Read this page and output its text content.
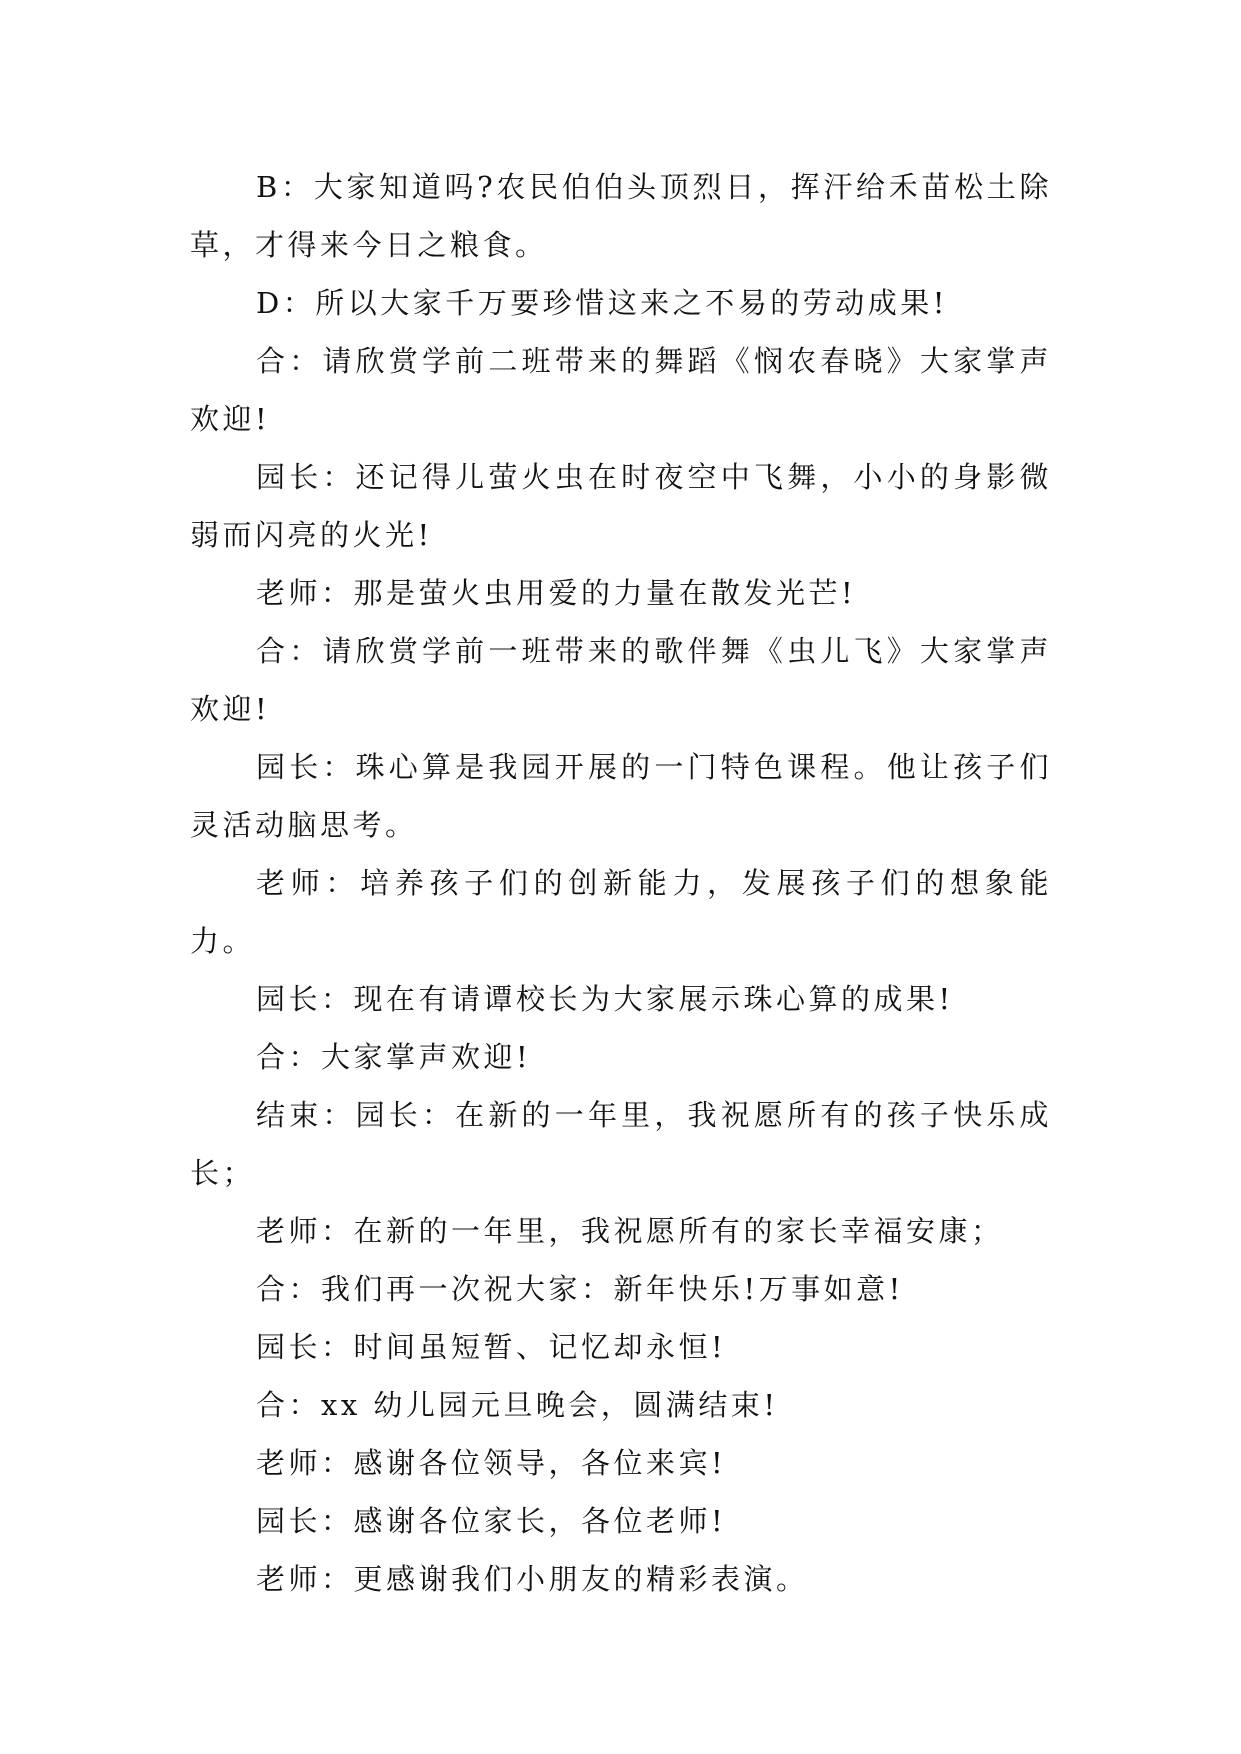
B：大家知道吗?农民伯伯头顶烈日，挥汗给禾苗松土除草，才得来今日之粮食。

D：所以大家千万要珍惜这来之不易的劳动成果!

合：请欣赏学前二班带来的舞蹈《悯农春晓》大家掌声欢迎!

园长：还记得儿萤火虫在时夜空中飞舞，小小的身影微弱而闪亮的火光!

老师：那是萤火虫用爱的力量在散发光芒!

合：请欣赏学前一班带来的歌伴舞《虫儿飞》大家掌声欢迎!

园长：珠心算是我园开展的一门特色课程。他让孩子们灵活动脑思考。

老师：培养孩子们的创新能力，发展孩子们的想象能力。

园长：现在有请谭校长为大家展示珠心算的成果!

合：大家掌声欢迎!

结束：园长：在新的一年里，我祝愿所有的孩子快乐成长；

老师：在新的一年里，我祝愿所有的家长幸福安康；

合：我们再一次祝大家：新年快乐!万事如意!

园长：时间虽短暂、记忆却永恒!

合：xx 幼儿园元旦晚会，圆满结束!

老师：感谢各位领导，各位来宾!

园长：感谢各位家长，各位老师!

老师：更感谢我们小朋友的精彩表演。
